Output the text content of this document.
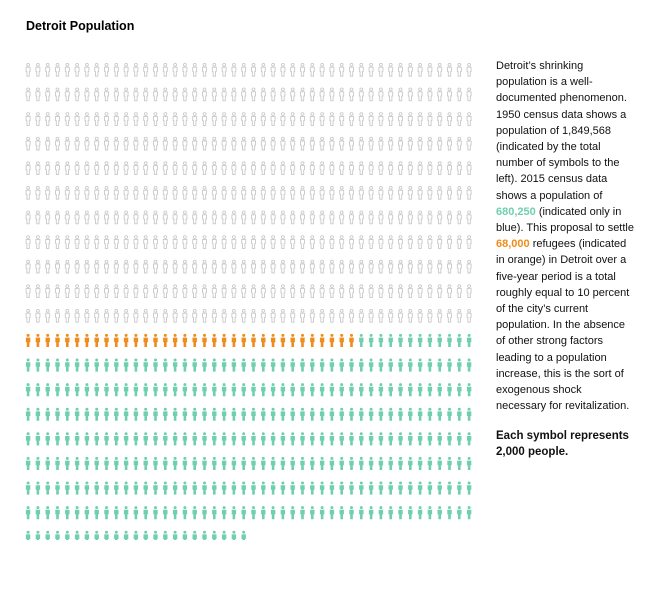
Detroit Population

Detroit’s shrinking population is a well-documented phenomenon. 1950 census data shows a population of 1,849,568 (indicated by the total number of symbols to the left). 2015 census data shows a population of 680,250 (indicated only in blue). This proposal to settle 68,000 refugees (indicated in orange) in Detroit over a five-year period is a total roughly equal to 10 percent of the city’s current population. In the absence of other strong factors leading to a population increase, this is the sort of exogenous shock necessary for revitalization.

Each symbol represents 2,000 people.
